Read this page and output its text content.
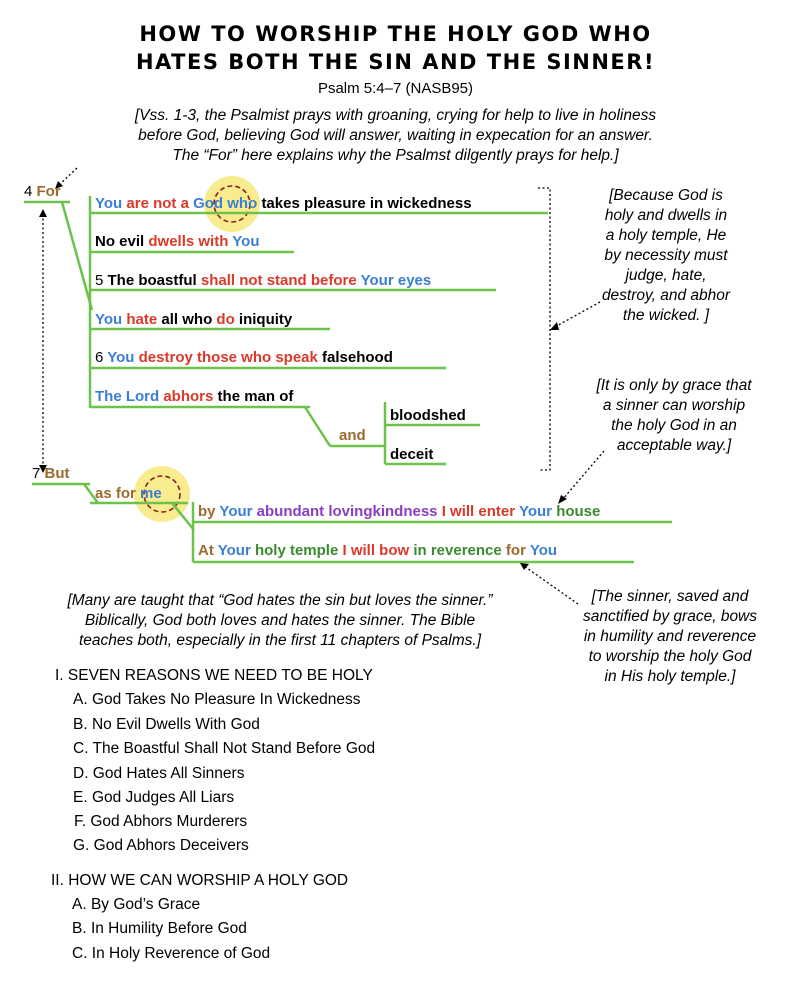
HOW TO WORSHIP THE HOLY GOD WHO
HATES BOTH THE SIN AND THE SINNER!
Psalm 5:4–7 (NASB95)
[Vss. 1-3, the Psalmist prays with groaning, crying for help to live in holiness
before God, believing God will answer, waiting in expecation for an answer.
The “For” here explains why the Psalmst dilgently prays for help.]
4 For
You are not a God who takes pleasure in wickedness
No evil dwells with You
5 The boastful shall not stand before Your eyes
You hate all who do iniquity
6 You destroy those who speak falsehood
The Lord abhors the man of
and
bloodshed
deceit
[Because God is
holy and dwells in
a holy temple, He
by necessity must
judge, hate,
destroy, and abhor
the wicked. ]
[It is only by grace that
a sinner can worship
the holy God in an
acceptable way.]
7 But
as for me
by Your abundant lovingkindness I will enter Your house
At Your holy temple I will bow in reverence for You
[Many are taught that “God hates the sin but loves the sinner.”
Biblically, God both loves and hates the sinner. The Bible
teaches both, especially in the first 11 chapters of Psalms.]
[The sinner, saved and
sanctified by grace, bows
in humility and reverence
to worship the holy God
in His holy temple.]
I. SEVEN REASONS WE NEED TO BE HOLY
A. God Takes No Pleasure In Wickedness
B. No Evil Dwells With God
C. The Boastful Shall Not Stand Before God
D. God Hates All Sinners
E. God Judges All Liars
F. God Abhors Murderers
G. God Abhors Deceivers
II. HOW WE CAN WORSHIP A HOLY GOD
A. By God’s Grace
B. In Humility Before God
C. In Holy Reverence of God
